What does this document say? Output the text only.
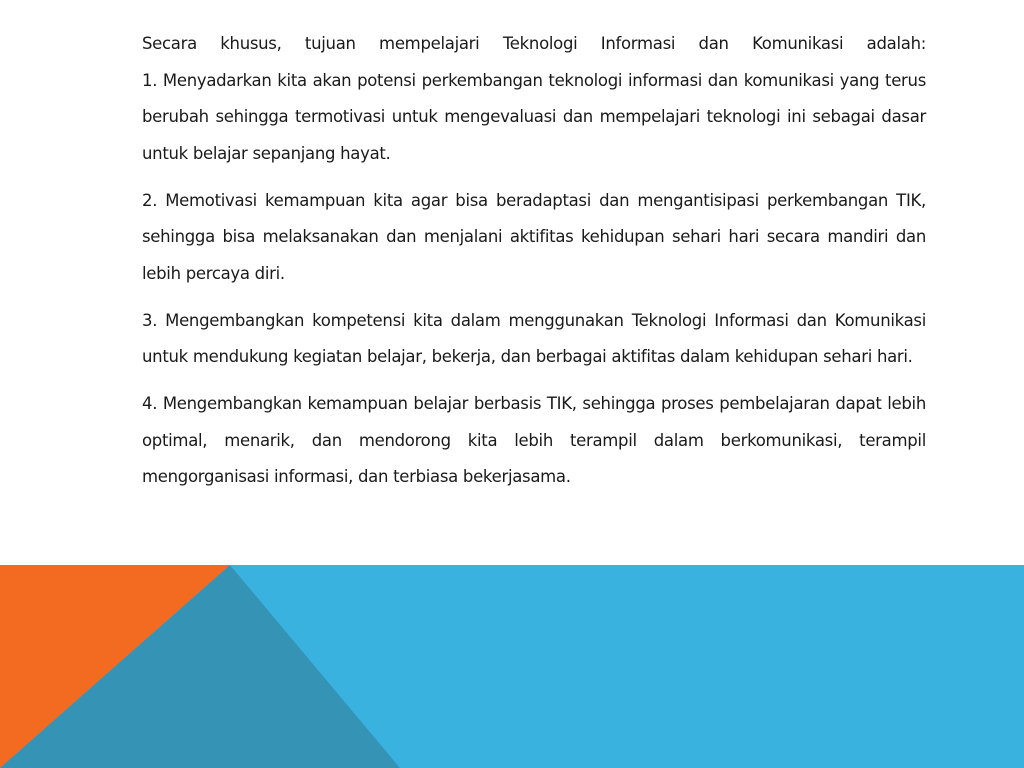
Secara khusus, tujuan mempelajari Teknologi Informasi dan Komunikasi adalah:
1. Menyadarkan kita akan potensi perkembangan teknologi informasi dan komunikasi yang terus berubah sehingga termotivasi untuk mengevaluasi dan mempelajari teknologi ini sebagai dasar untuk belajar sepanjang hayat.

2. Memotivasi kemampuan kita agar bisa beradaptasi dan mengantisipasi perkembangan TIK, sehingga bisa melaksanakan dan menjalani aktifitas kehidupan sehari hari secara mandiri dan lebih percaya diri.

3. Mengembangkan kompetensi kita dalam menggunakan Teknologi Informasi dan Komunikasi untuk mendukung kegiatan belajar, bekerja, dan berbagai aktifitas dalam kehidupan sehari hari.

4. Mengembangkan kemampuan belajar berbasis TIK, sehingga proses pembelajaran dapat lebih optimal, menarik, dan mendorong kita lebih terampil dalam berkomunikasi, terampil mengorganisasi informasi, dan terbiasa bekerjasama.
